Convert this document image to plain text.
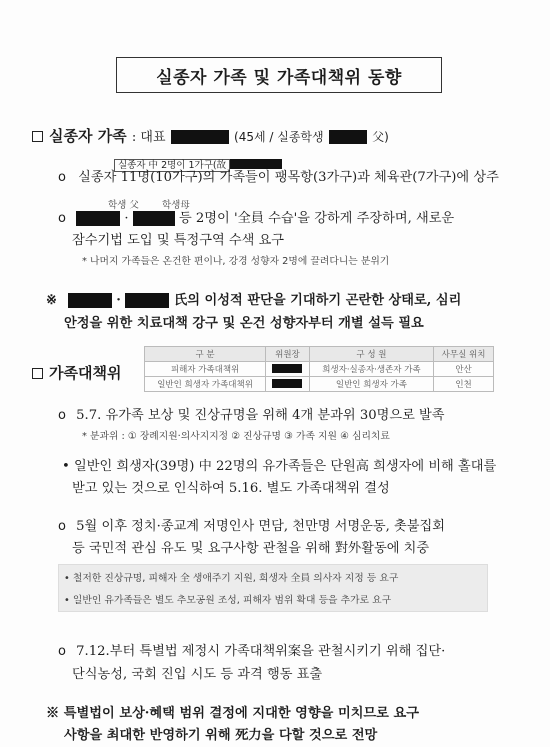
실종자 가족 및 가족대책위 동향
실종자 가족 : 대표	(45세 / 실종학생	父)
실종자 中 2명이 1가구(故
o 실종자 11명(10가구)의 가족들이 팽목항(3가구)과 체육관(7가구)에 상주
학생 父 학생母
o	·	등 2명이 '全員 수습'을 강하게 주장하며, 새로운
잠수기법 도입 및 특정구역 수색 요구
* 나머지 가족들은 온건한 편이나, 강경 성향자 2명에 끌려다니는 분위기
※	·	氏의 이성적 판단을 기대하기 곤란한 상태로, 심리
안정을 위한 치료대책 강구 및 온건 성향자부터 개별 설득 필요
가족대책위
구 분	위원장	구 성 원	사무실 위치
피해자 가족대책위		희생자·실종자·생존자 가족	안산
일반인 희생자 가족대책위		일반인 희생자 가족	인천
o 5.7. 유가족 보상 및 진상규명을 위해 4개 분과위 30명으로 발족
* 분과위 : ① 장례지원·의사지지정 ② 진상규명 ③ 가족 지원 ④ 심리치료
• 일반인 희생자(39명) 中 22명의 유가족들은 단원高 희생자에 비해 홀대를
받고 있는 것으로 인식하여 5.16. 별도 가족대책위 결성
o 5월 이후 정치·종교계 저명인사 면담, 천만명 서명운동, 촛불집회
등 국민적 관심 유도 및 요구사항 관철을 위해 對外활동에 치중
• 철저한 진상규명, 피해자 全 생애주기 지원, 희생자 全員 의사자 지정 등 요구
• 일반인 유가족들은 별도 추모공원 조성, 피해자 범위 확대 등을 추가로 요구
o 7.12.부터 특별법 제정시 가족대책위案을 관철시키기 위해 집단·
단식농성, 국회 진입 시도 등 과격 행동 표출
※ 특별법이 보상·혜택 범위 결정에 지대한 영향을 미치므로 요구
사항을 최대한 반영하기 위해 死力을 다할 것으로 전망
